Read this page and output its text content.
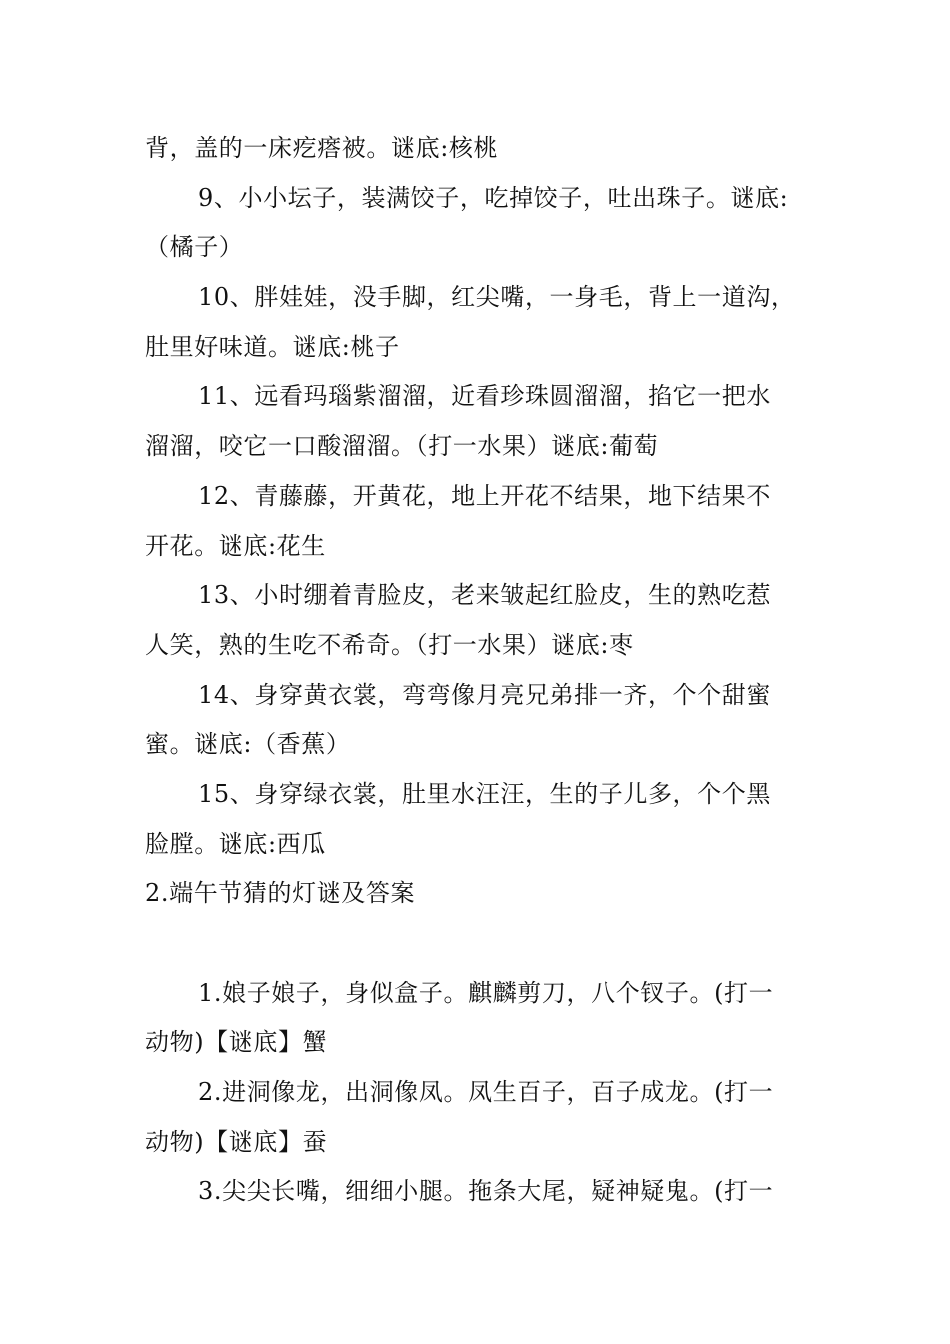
背，盖的一床疙瘩被。谜底:核桃
9、小小坛子，装满饺子，吃掉饺子，吐出珠子。谜底:
（橘子）
10、胖娃娃，没手脚，红尖嘴，一身毛，背上一道沟，
肚里好味道。谜底:桃子
11、远看玛瑙紫溜溜，近看珍珠圆溜溜，掐它一把水
溜溜，咬它一口酸溜溜。（打一水果）谜底:葡萄
12、青藤藤，开黄花，地上开花不结果，地下结果不
开花。谜底:花生
13、小时绷着青脸皮，老来皱起红脸皮，生的熟吃惹
人笑，熟的生吃不希奇。（打一水果）谜底:枣
14、身穿黄衣裳，弯弯像月亮兄弟排一齐，个个甜蜜
蜜。谜底:（香蕉）
15、身穿绿衣裳，肚里水汪汪，生的子儿多，个个黑
脸膛。谜底:西瓜
2.端午节猜的灯谜及答案
1.娘子娘子，身似盒子。麒麟剪刀，八个钗子。(打一
动物)【谜底】蟹
2.进洞像龙，出洞像凤。凤生百子，百子成龙。(打一
动物)【谜底】蚕
3.尖尖长嘴，细细小腿。拖条大尾，疑神疑鬼。(打一
